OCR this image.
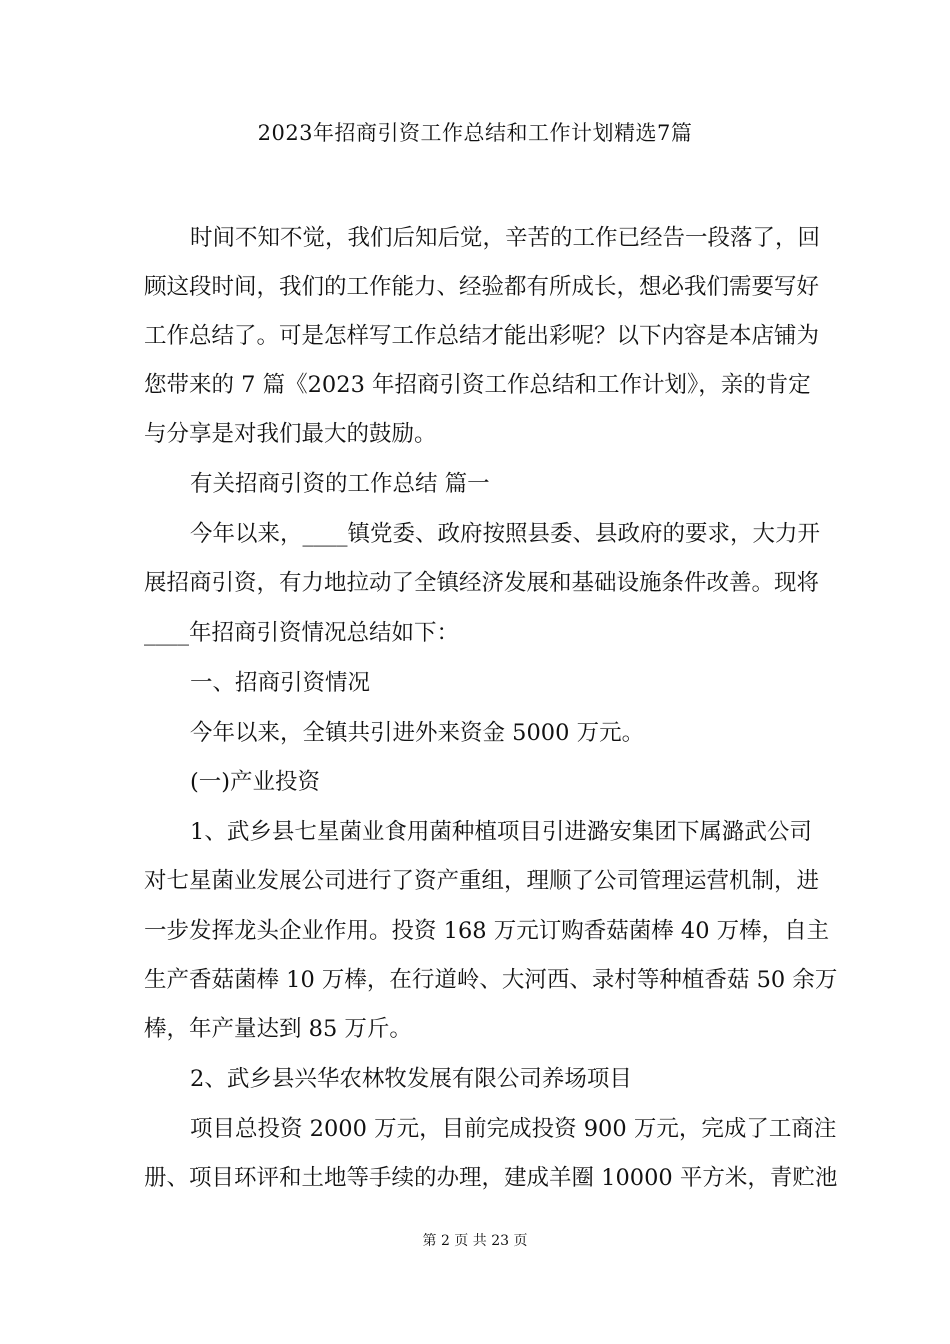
2023年招商引资工作总结和工作计划精选7篇

时间不知不觉，我们后知后觉，辛苦的工作已经告一段落了，回

顾这段时间，我们的工作能力、经验都有所成长，想必我们需要写好

工作总结了。可是怎样写工作总结才能出彩呢？以下内容是本店铺为

您带来的 7 篇《2023 年招商引资工作总结和工作计划》，亲的肯定

与分享是对我们最大的鼓励。

有关招商引资的工作总结 篇一

今年以来，____镇党委、政府按照县委、县政府的要求，大力开

展招商引资，有力地拉动了全镇经济发展和基础设施条件改善。现将

____年招商引资情况总结如下：

一、招商引资情况

今年以来，全镇共引进外来资金 5000 万元。

(一)产业投资

1、武乡县七星菌业食用菌种植项目引进潞安集团下属潞武公司

对七星菌业发展公司进行了资产重组，理顺了公司管理运营机制，进

一步发挥龙头企业作用。投资 168 万元订购香菇菌棒 40 万棒，自主

生产香菇菌棒 10 万棒，在行道岭、大河西、录村等种植香菇 50 余万

棒，年产量达到 85 万斤。

2、武乡县兴华农林牧发展有限公司养场项目

项目总投资 2000 万元，目前完成投资 900 万元，完成了工商注

册、项目环评和土地等手续的办理，建成羊圈 10000 平方米，青贮池

第 2 页 共 23 页
